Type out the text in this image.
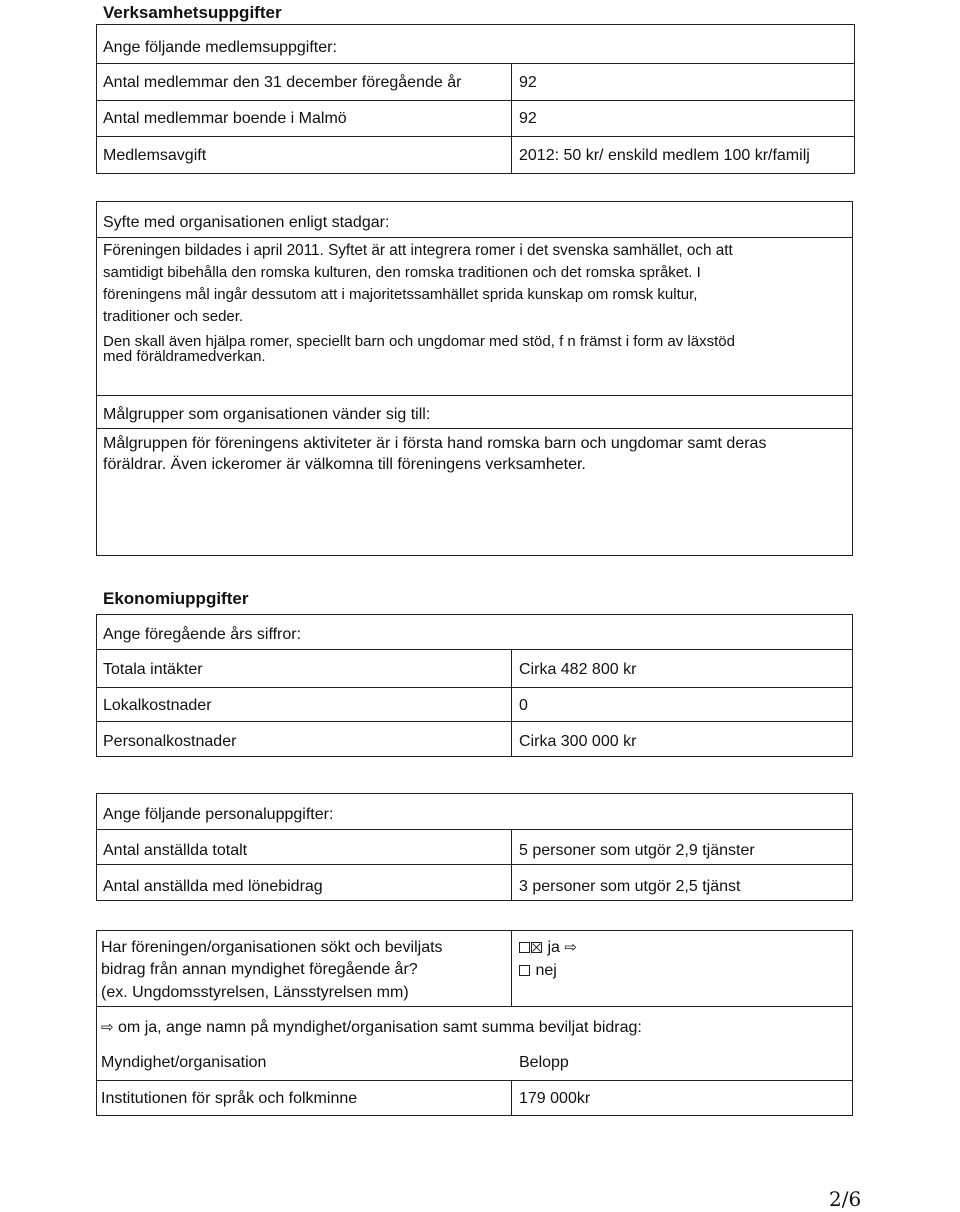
Verksamhetsuppgifter
Ange följande medlemsuppgifter:
Antal medlemmar den 31 december föregående år	92
Antal medlemmar boende i Malmö	92
Medlemsavgift	2012: 50 kr/ enskild medlem 100 kr/familj
Syfte med organisationen enligt stadgar:
Föreningen bildades i april 2011. Syftet är att integrera romer i det svenska samhället, och att
samtidigt bibehålla den romska kulturen, den romska traditionen och det romska språket. I
föreningens mål ingår dessutom att i majoritetssamhället sprida kunskap om romsk kultur,
traditioner och seder.
Den skall även hjälpa romer, speciellt barn och ungdomar med stöd, f n främst i form av läxstöd
med föräldramedverkan.
Målgrupper som organisationen vänder sig till:
Målgruppen för föreningens aktiviteter är i första hand romska barn och ungdomar samt deras
föräldrar. Även ickeromer är välkomna till föreningens verksamheter.
Ekonomiuppgifter
Ange föregående års siffror:
Totala intäkter	Cirka 482 800 kr
Lokalkostnader	0
Personalkostnader	Cirka 300 000 kr
Ange följande personaluppgifter:
Antal anställda totalt	5 personer som utgör 2,9 tjänster
Antal anställda med lönebidrag	3 personer som utgör 2,5 tjänst
Har föreningen/organisationen sökt och beviljats
bidrag från annan myndighet föregående år?
(ex. Ungdomsstyrelsen, Länsstyrelsen mm)
ja ⇨
nej
⇨ om ja, ange namn på myndighet/organisation samt summa beviljat bidrag:
Myndighet/organisation	Belopp
Institutionen för språk och folkminne	179 000kr
2/6
